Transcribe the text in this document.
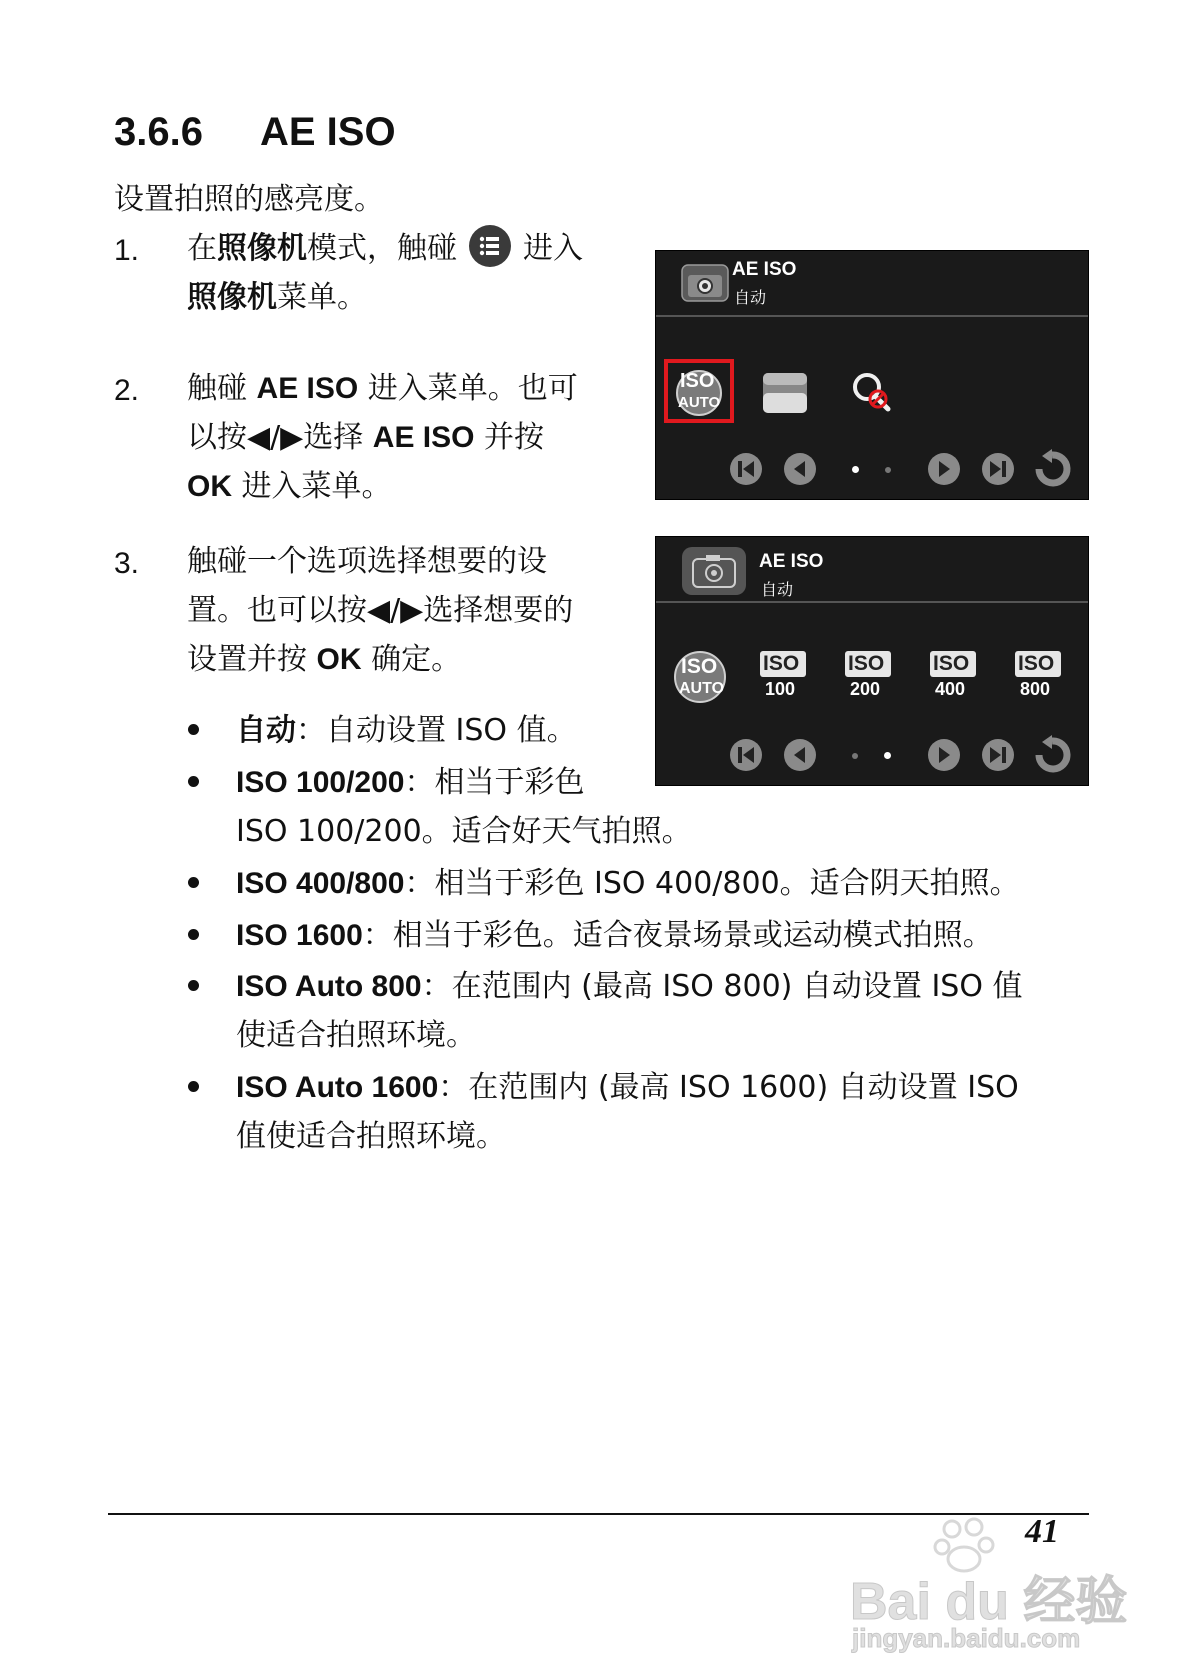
3.6.6 AE ISO
设置拍照的感亮度。
1. 在照像机模式，触碰 进入
照像机菜单。
2. 触碰 AE ISO 进入菜单。也可
以按◀/▶选择 AE ISO 并按
OK 进入菜单。
3. 触碰一个选项选择想要的设
置。也可以按◀/▶选择想要的
设置并按 OK 确定。
自动：自动设置 ISO 值。
ISO 100/200：相当于彩色
ISO 100/200。适合好天气拍照。
ISO 400/800：相当于彩色 ISO 400/800。适合阴天拍照。
ISO 1600：相当于彩色。适合夜景场景或运动模式拍照。
ISO Auto 800：在范围内 (最高 ISO 800) 自动设置 ISO 值
使适合拍照环境。
ISO Auto 1600：在范围内 (最高 ISO 1600) 自动设置 ISO
值使适合拍照环境。
AE ISO
自动
ISO
AUTO
AE ISO
自动
ISO
AUTO
ISO
100
ISO
200
ISO
400
ISO
800
41
Bai du 经验
jingyan.baidu.com
